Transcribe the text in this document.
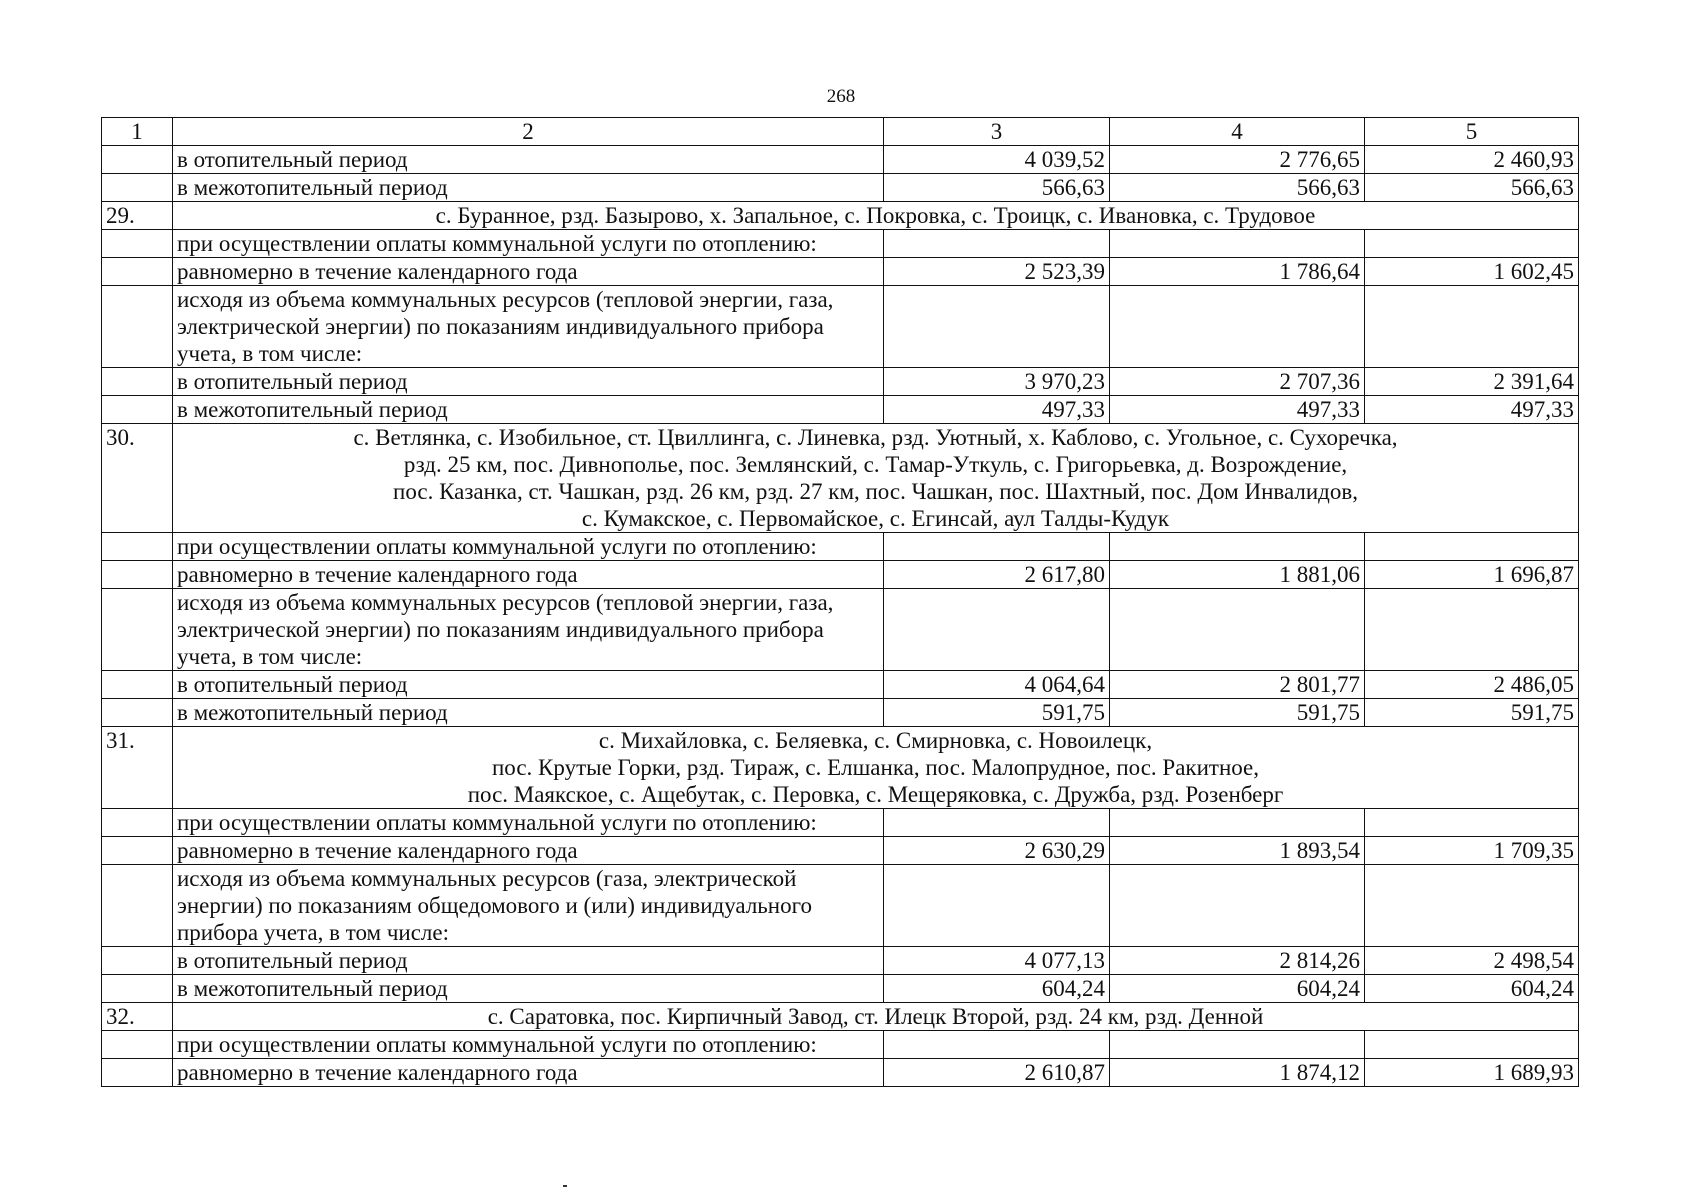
268
1	2	3	4	5
	в отопительный период	4 039,52	2 776,65	2 460,93
	в межотопительный период	566,63	566,63	566,63
29.	с. Буранное, рзд. Базырово, х. Запальное, с. Покровка, с. Троицк, с. Ивановка, с. Трудовое			

	при осуществлении оплаты коммунальной услуги по отоплению:			
	равномерно в течение календарного года	2 523,39	1 786,64	1 602,45
	исходя из объема коммунальных ресурсов (тепловой энергии, газа, электрической энергии) по показаниям индивидуального прибора учета, в том числе:			
	в отопительный период	3 970,23	2 707,36	2 391,64
	в межотопительный период	497,33	497,33	497,33
30.	с. Ветлянка, с. Изобильное, ст. Цвиллинга, с. Линевка, рзд. Уютный, х. Каблово, с. Угольное, с. Сухоречка,
рзд. 25 км, пос. Дивнополье, пос. Землянский, с. Тамар-Уткуль, с. Григорьевка, д. Возрождение,
пос. Казанка, ст. Чашкан, рзд. 26 км, рзд. 27 км, пос. Чашкан, пос. Шахтный, пос. Дом Инвалидов,
с. Кумакское, с. Первомайское, с. Егинсай, аул Талды-Кудук			

	при осуществлении оплаты коммунальной услуги по отоплению:			
	равномерно в течение календарного года	2 617,80	1 881,06	1 696,87
	исходя из объема коммунальных ресурсов (тепловой энергии, газа, электрической энергии) по показаниям индивидуального прибора учета, в том числе:			
	в отопительный период	4 064,64	2 801,77	2 486,05
	в межотопительный период	591,75	591,75	591,75
31.	с. Михайловка, с. Беляевка, с. Смирновка, с. Новоилецк,
пос. Крутые Горки, рзд. Тираж, с. Елшанка, пос. Малопрудное, пос. Ракитное,
пос. Маякское, с. Ащебутак, с. Перовка, с. Мещеряковка, с. Дружба, рзд. Розенберг			

	при осуществлении оплаты коммунальной услуги по отоплению:			
	равномерно в течение календарного года	2 630,29	1 893,54	1 709,35
	исходя из объема коммунальных ресурсов (газа, электрической энергии) по показаниям общедомового и (или) индивидуального прибора учета, в том числе:			
	в отопительный период	4 077,13	2 814,26	2 498,54
	в межотопительный период	604,24	604,24	604,24
32.	с. Саратовка, пос. Кирпичный Завод, ст. Илецк Второй, рзд. 24 км, рзд. Денной			

	при осуществлении оплаты коммунальной услуги по отоплению:			
	равномерно в течение календарного года	2 610,87	1 874,12	1 689,93
